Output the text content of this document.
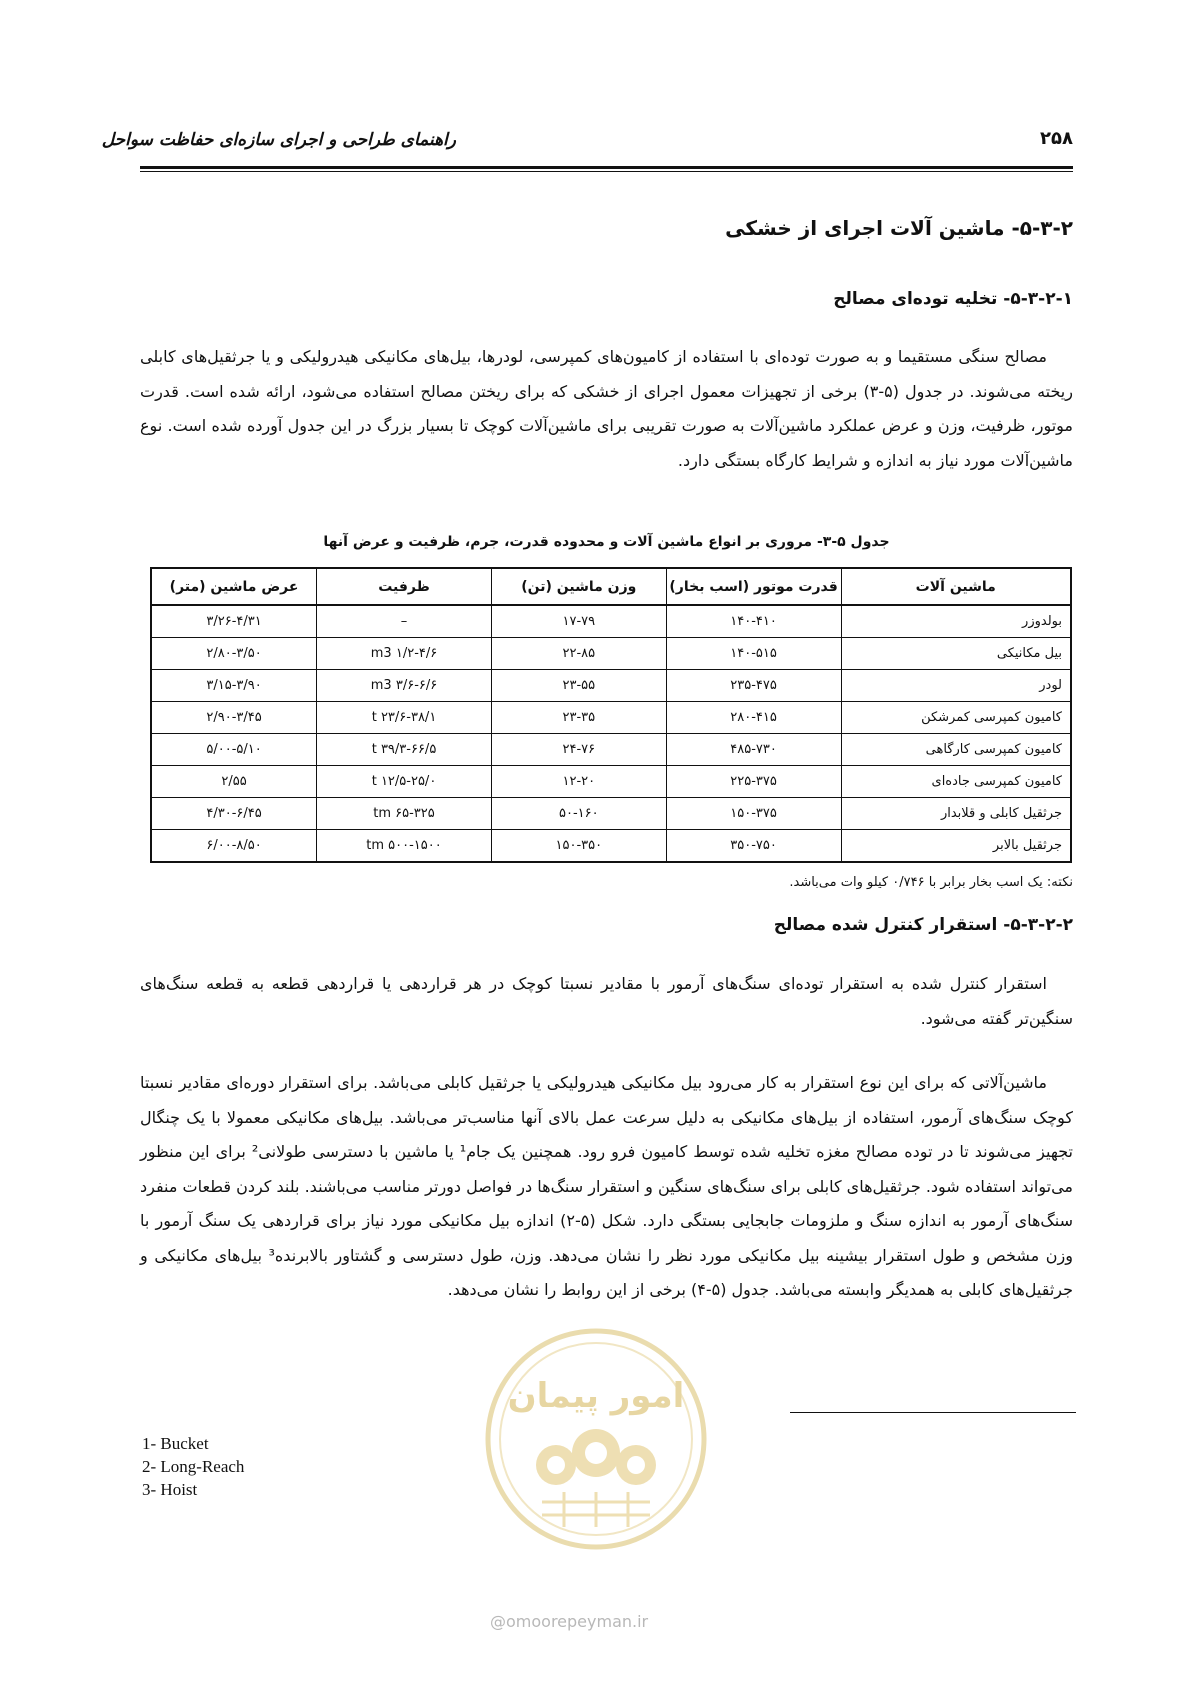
راهنمای طراحی و اجرای سازه‌ای حفاظت سواحل	۲۵۸
۵-۳-۲- ماشین آلات اجرای از خشکی
۵-۳-۲-۱- تخلیه توده‌ای مصالح

مصالح سنگی مستقیما و به صورت توده‌ای با استفاده از کامیون‌های کمپرسی، لودرها، بیل‌های مکانیکی هیدرولیکی و یا جرثقیل‌های کابلی ریخته می‌شوند. در جدول (۵-۳) برخی از تجهیزات معمول اجرای از خشکی که برای ریختن مصالح استفاده می‌شود، ارائه شده است. قدرت موتور، ظرفیت، وزن و عرض عملکرد ماشین‌آلات به صورت تقریبی برای ماشین‌آلات کوچک تا بسیار بزرگ در این جدول آورده شده است. نوع ماشین‌آلات مورد نیاز به اندازه و شرایط کارگاه بستگی دارد.

جدول ۵-۳- مروری بر انواع ماشین آلات و محدوده قدرت، جرم، ظرفیت و عرض آنها
ماشین آلات	قدرت موتور (اسب بخار)	وزن ماشین (تن)	ظرفیت	عرض ماشین (متر)
بولدوزر	۱۴۰-۴۱۰	۱۷-۷۹	–	۳/۲۶-۴/۳۱
بیل مکانیکی	۱۴۰-۵۱۵	۲۲-۸۵	۱/۲-۴/۶ m3	۲/۸۰-۳/۵۰
لودر	۲۳۵-۴۷۵	۲۳-۵۵	۳/۶-۶/۶ m3	۳/۱۵-۳/۹۰
کامیون کمپرسی کمرشکن	۲۸۰-۴۱۵	۲۳-۳۵	۲۳/۶-۳۸/۱ t	۲/۹۰-۳/۴۵
کامیون کمپرسی کارگاهی	۴۸۵-۷۳۰	۲۴-۷۶	۳۹/۳-۶۶/۵ t	۵/۰۰-۵/۱۰
کامیون کمپرسی جاده‌ای	۲۲۵-۳۷۵	۱۲-۲۰	۱۲/۵-۲۵/۰ t	۲/۵۵
جرثقیل کابلی و قلابدار	۱۵۰-۳۷۵	۵۰-۱۶۰	۶۵-۳۲۵ tm	۴/۳۰-۶/۴۵
جرثقیل بالابر	۳۵۰-۷۵۰	۱۵۰-۳۵۰	۵۰۰-۱۵۰۰ tm	۶/۰۰-۸/۵۰
نکته: یک اسب بخار برابر با ۰/۷۴۶ کیلو وات می‌باشد.
۵-۳-۲-۲- استقرار کنترل شده مصالح

استقرار کنترل شده به استقرار توده‌ای سنگ‌های آرمور با مقادیر نسبتا کوچک در هر قراردهی یا قراردهی قطعه به قطعه سنگ‌های سنگین‌تر گفته می‌شود.

ماشین‌آلاتی که برای این نوع استقرار به کار می‌رود بیل مکانیکی هیدرولیکی یا جرثقیل کابلی می‌باشد. برای استقرار دوره‌ای مقادیر نسبتا کوچک سنگ‌های آرمور، استفاده از بیل‌های مکانیکی به دلیل سرعت عمل بالای آنها مناسب‌تر می‌باشد. بیل‌های مکانیکی معمولا با یک چنگال تجهیز می‌شوند تا در توده مصالح مغزه تخلیه شده توسط کامیون فرو رود. همچنین یک جام¹ یا ماشین با دسترسی طولانی² برای این منظور می‌تواند استفاده شود. جرثقیل‌های کابلی برای سنگ‌های سنگین و استقرار سنگ‌ها در فواصل دورتر مناسب می‌باشند. بلند کردن قطعات منفرد سنگ‌های آرمور به اندازه سنگ و ملزومات جابجایی بستگی دارد. شکل (۵-۲) اندازه بیل مکانیکی مورد نیاز برای قراردهی یک سنگ آرمور با وزن مشخص و طول استقرار بیشینه بیل مکانیکی مورد نظر را نشان می‌دهد. وزن، طول دسترسی و گشتاور بالابرنده³ بیل‌های مکانیکی و جرثقیل‌های کابلی به همدیگر وابسته می‌باشد. جدول (۵-۴) برخی از این روابط را نشان می‌دهد.

امور پیمان
1- Bucket
2- Long-Reach
3- Hoist
@omoorepeyman.ir
